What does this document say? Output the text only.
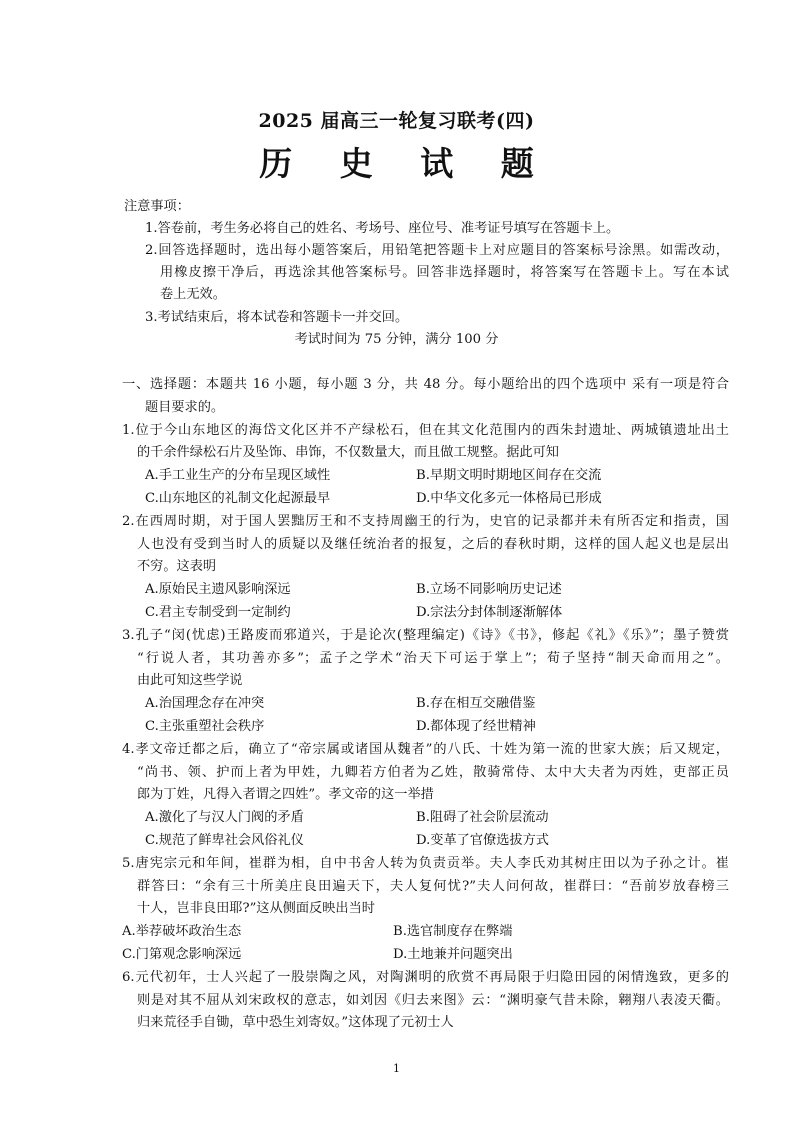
2025 届高三一轮复习联考(四)
历 史 试 题
注意事项：
1.答卷前，考生务必将自己的姓名、考场号、座位号、准考证号填写在答题卡上。
2.回答选择题时，选出每小题答案后，用铅笔把答题卡上对应题目的答案标号涂黑。如需改动，
用橡皮擦干净后，再选涂其他答案标号。回答非选择题时，将答案写在答题卡上。写在本试
卷上无效。
3.考试结束后，将本试卷和答题卡一并交回。
考试时间为 75 分钟，满分 100 分
一、选择题：本题共 16 小题，每小题 3 分，共 48 分。每小题给出的四个选项中 采有一项是符合
题目要求的。
1.位于今山东地区的海岱文化区并不产绿松石，但在其文化范围内的西朱封遗址、两城镇遗址出土
的千余件绿松石片及坠饰、串饰，不仅数量大，而且做工规整。据此可知
A.手工业生产的分布呈现区域性	B.早期文明时期地区间存在交流
C.山东地区的礼制文化起源最早	D.中华文化多元一体格局已形成
2.在西周时期，对于国人罢黜厉王和不支持周幽王的行为，史官的记录都并未有所否定和指责，国
人也没有受到当时人的质疑以及继任统治者的报复，之后的春秋时期，这样的国人起义也是层出
不穷。这表明
A.原始民主遗风影响深远	B.立场不同影响历史记述
C.君主专制受到一定制约	D.宗法分封体制逐渐解体
3.孔子“闵(忧虑)王路废而邪道兴，于是论次(整理编定)《诗》《书》，修起《礼》《乐》”；墨子赞赏
“行说人者，其功善亦多”；孟子之学术“治天下可运于掌上”；荀子坚持“制天命而用之”。
由此可知这些学说
A.治国理念存在冲突	B.存在相互交融借鉴
C.主张重塑社会秩序	D.都体现了经世精神
4.孝文帝迁都之后，确立了“帝宗属或诸国从魏者”的八氏、十姓为第一流的世家大族；后又规定，
“尚书、领、护而上者为甲姓，九卿若方伯者为乙姓，散骑常侍、太中大夫者为丙姓，吏部正员
郎为丁姓，凡得入者谓之四姓”。孝文帝的这一举措
A.激化了与汉人门阀的矛盾	B.阻碍了社会阶层流动
C.规范了鲜卑社会风俗礼仪	D.变革了官僚选拔方式
5.唐宪宗元和年间，崔群为相，自中书舍人转为负责贡举。夫人李氏劝其树庄田以为子孙之计。崔
群答曰：“余有三十所美庄良田遍天下，夫人复何忧?”夫人问何故，崔群曰：“吾前岁放春榜三
十人，岂非良田耶?”这从侧面反映出当时
A.举荐破坏政治生态	B.选官制度存在弊端
C.门第观念影响深远	D.土地兼并问题突出
6.元代初年，士人兴起了一股崇陶之风，对陶渊明的欣赏不再局限于归隐田园的闲情逸致，更多的
则是对其不屈从刘宋政权的意志，如刘因《归去来图》云：“渊明豪气昔未除，翱翔八表凌天衢。
归来荒径手自锄，草中恐生刘寄奴。”这体现了元初士人
1
